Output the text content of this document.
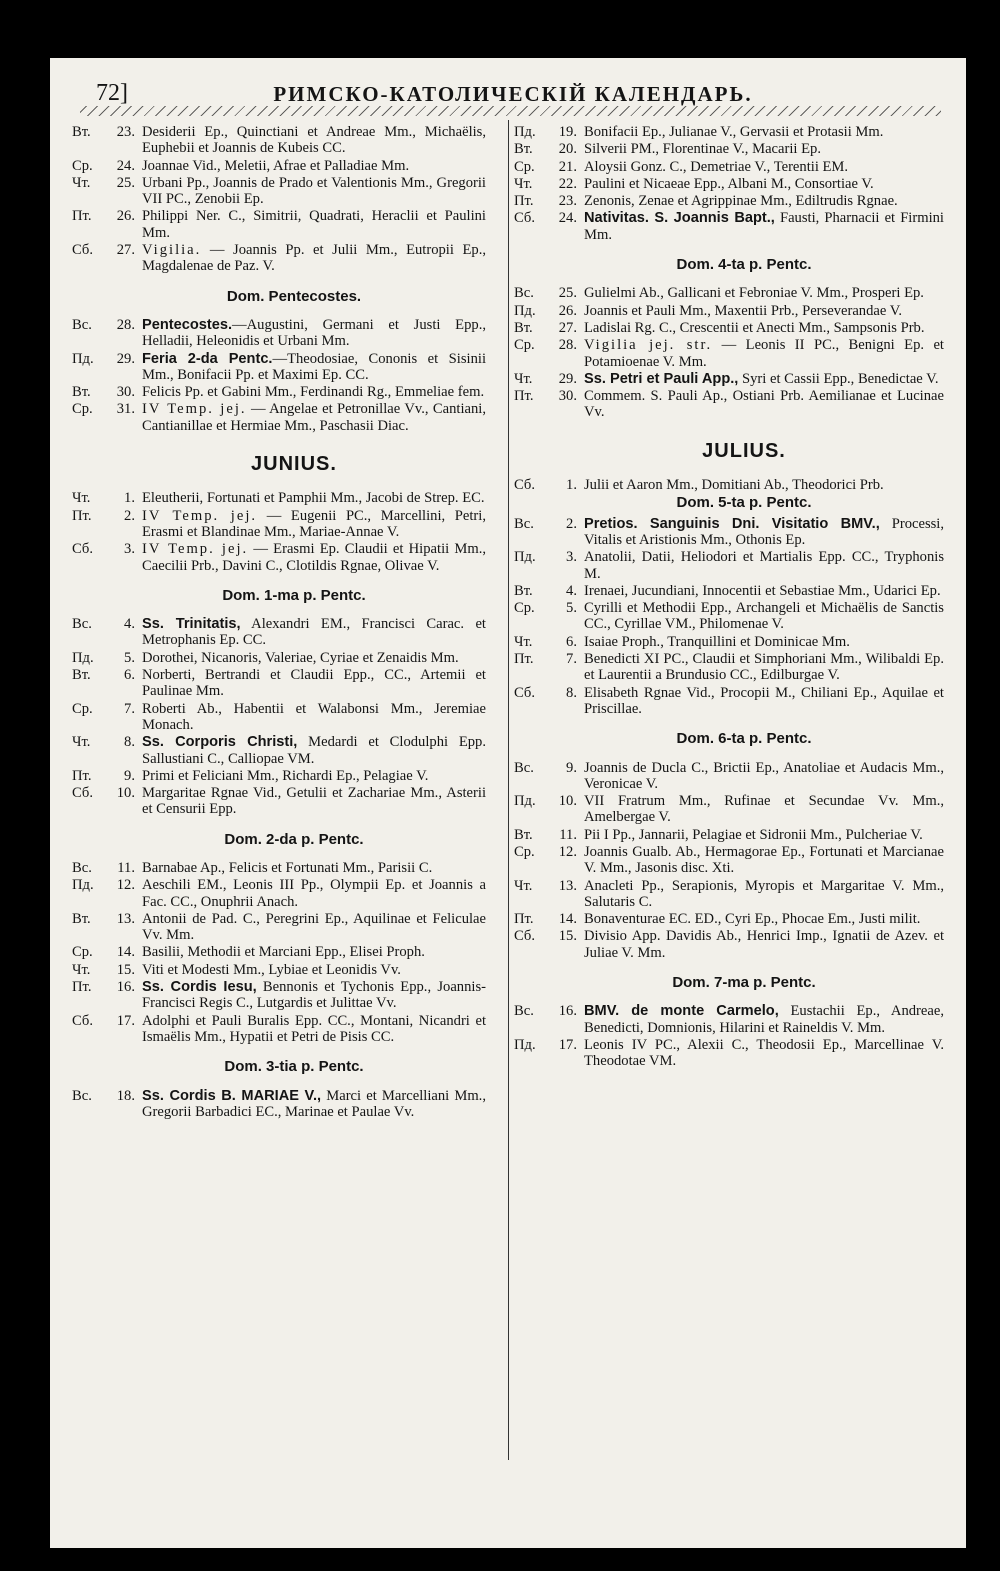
72]	РИМСКО-КАТОЛИЧЕСКІЙ КАЛЕНДАРЬ.
Вт.	23. Desiderii Ep., Quinctiani et Andreae Mm., Michaëlis, Euphebii et Joannis de Kubeis CC.
Ср.	24. Joannae Vid., Meletii, Afrae et Palladiae Mm.
Чт.	25. Urbani Pp., Joannis de Prado et Valentionis Mm., Gregorii VII PC., Zenobii Ep.
Пт.	26. Philippi Ner. C., Simitrii, Quadrati, Heraclii et Paulini Mm.
Сб.	27. Vigilia. — Joannis Pp. et Julii Mm., Eutropii Ep., Magdalenae de Paz. V.
Dom. Pentecostes.
Вс.	28. Pentecostes.—Augustini, Germani et Justi Epp., Helladii, Heleonidis et Urbani Mm.
Пд.	29. Feria 2-da Pentc.—Theodosiae, Cononis et Sisinii Mm., Bonifacii Pp. et Maximi Ep. CC.
Вт.	30. Felicis Pp. et Gabini Mm., Ferdinandi Rg., Emmeliae fem.
Ср.	31. IV Temp. jej. — Angelae et Petronillae Vv., Cantiani, Cantianillae et Hermiae Mm., Paschasii Diac.
JUNIUS.
Чт.	1. Eleutherii, Fortunati et Pamphii Mm., Jacobi de Strep. EC.
Пт.	2. IV Temp. jej. — Eugenii PC., Marcellini, Petri, Erasmi et Blandinae Mm., Mariae-Annae V.
Сб.	3. IV Temp. jej. — Erasmi Ep. Claudii et Hipatii Mm., Caecilii Prb., Davini C., Clotildis Rgnae, Olivae V.
Dom. 1-ma p. Pentc.
Вс.	4. Ss. Trinitatis, Alexandri EM., Francisci Carac. et Metrophanis Ep. CC.
Пд.	5. Dorothei, Nicanoris, Valeriae, Cyriae et Zenaidis Mm.
Вт.	6. Norberti, Bertrandi et Claudii Epp., CC., Artemii et Paulinae Mm.
Ср.	7. Roberti Ab., Habentii et Walabonsi Mm., Jeremiae Monach.
Чт.	8. Ss. Corporis Christi, Medardi et Clodulphi Epp. Sallustiani C., Calliopae VM.
Пт.	9. Primi et Feliciani Mm., Richardi Ep., Pelagiae V.
Сб.	10. Margaritae Rgnae Vid., Getulii et Zachariae Mm., Asterii et Censurii Epp.
Dom. 2-da p. Pentc.
Вс.	11. Barnabae Ap., Felicis et Fortunati Mm., Parisii C.
Пд.	12. Aeschili EM., Leonis III Pp., Olympii Ep. et Joannis a Fac. CC., Onuphrii Anach.
Вт.	13. Antonii de Pad. C., Peregrini Ep., Aquilinae et Feliculae Vv. Mm.
Ср.	14. Basilii, Methodii et Marciani Epp., Elisei Proph.
Чт.	15. Viti et Modesti Mm., Lybiae et Leonidis Vv.
Пт.	16. Ss. Cordis Iesu, Bennonis et Tychonis Epp., Joannis-Francisci Regis C., Lutgardis et Julittae Vv.
Сб.	17. Adolphi et Pauli Buralis Epp. CC., Montani, Nicandri et Ismaëlis Mm., Hypatii et Petri de Pisis CC.
Dom. 3-tia p. Pentc.
Вс.	18. Ss. Cordis B. MARIAE V., Marci et Marcelliani Mm., Gregorii Barbadici EC., Marinae et Paulae Vv.
Пд.	19. Bonifacii Ep., Julianae V., Gervasii et Protasii Mm.
Вт.	20. Silverii PM., Florentinae V., Macarii Ep.
Ср.	21. Aloysii Gonz. C., Demetriae V., Terentii EM.
Чт.	22. Paulini et Nicaeae Epp., Albani M., Consortiae V.
Пт.	23. Zenonis, Zenae et Agrippinae Mm., Ediltrudis Rgnae.
Сб.	24. Nativitas. S. Joannis Bapt., Fausti, Pharnacii et Firmini Mm.
Dom. 4-ta p. Pentc.
Вс.	25. Gulielmi Ab., Gallicani et Febroniae V. Mm., Prosperi Ep.
Пд.	26. Joannis et Pauli Mm., Maxentii Prb., Perseverandae V.
Вт.	27. Ladislai Rg. C., Crescentii et Anecti Mm., Sampsonis Prb.
Ср.	28. Vigilia jej. str. — Leonis II PC., Benigni Ep. et Potamioenae V. Mm.
Чт.	29. Ss. Petri et Pauli App., Syri et Cassii Epp., Benedictae V.
Пт.	30. Commem. S. Pauli Ap., Ostiani Prb. Aemilianae et Lucinae Vv.
JULIUS.
Сб.	1. Julii et Aaron Mm., Domitiani Ab., Theodorici Prb.
Dom. 5-ta p. Pentc.
Вс.	2. Pretios. Sanguinis Dni. Visitatio BMV., Processi, Vitalis et Aristionis Mm., Othonis Ep.
Пд.	3. Anatolii, Datii, Heliodori et Martialis Epp. CC., Tryphonis M.
Вт.	4. Irenaei, Jucundiani, Innocentii et Sebastiae Mm., Udarici Ep.
Ср.	5. Cyrilli et Methodii Epp., Archangeli et Michaëlis de Sanctis CC., Cyrillae VM., Philomenae V.
Чт.	6. Isaiae Proph., Tranquillini et Dominicae Mm.
Пт.	7. Benedicti XI PC., Claudii et Simphoriani Mm., Wilibaldi Ep. et Laurentii a Brundusio CC., Edilburgae V.
Сб.	8. Elisabeth Rgnae Vid., Procopii M., Chiliani Ep., Aquilae et Priscillae.
Dom. 6-ta p. Pentc.
Вс.	9. Joannis de Ducla C., Brictii Ep., Anatoliae et Audacis Mm., Veronicae V.
Пд.	10. VII Fratrum Mm., Rufinae et Secundae Vv. Mm., Amelbergae V.
Вт.	11. Pii I Pp., Jannarii, Pelagiae et Sidronii Mm., Pulcheriae V.
Ср.	12. Joannis Gualb. Ab., Hermagorae Ep., Fortunati et Marcianae V. Mm., Jasonis disc. Xti.
Чт.	13. Anacleti Pp., Serapionis, Myropis et Margaritae V. Mm., Salutaris C.
Пт.	14. Bonaventurae EC. ED., Cyri Ep., Phocae Em., Justi milit.
Сб.	15. Divisio App. Davidis Ab., Henrici Imp., Ignatii de Azev. et Juliae V. Mm.
Dom. 7-ma p. Pentc.
Вс.	16. BMV. de monte Carmelo, Eustachii Ep., Andreae, Benedicti, Domnionis, Hilarini et Raineldis V. Mm.
Пд.	17. Leonis IV PC., Alexii C., Theodosii Ep., Marcellinae V. Theodotae VM.
